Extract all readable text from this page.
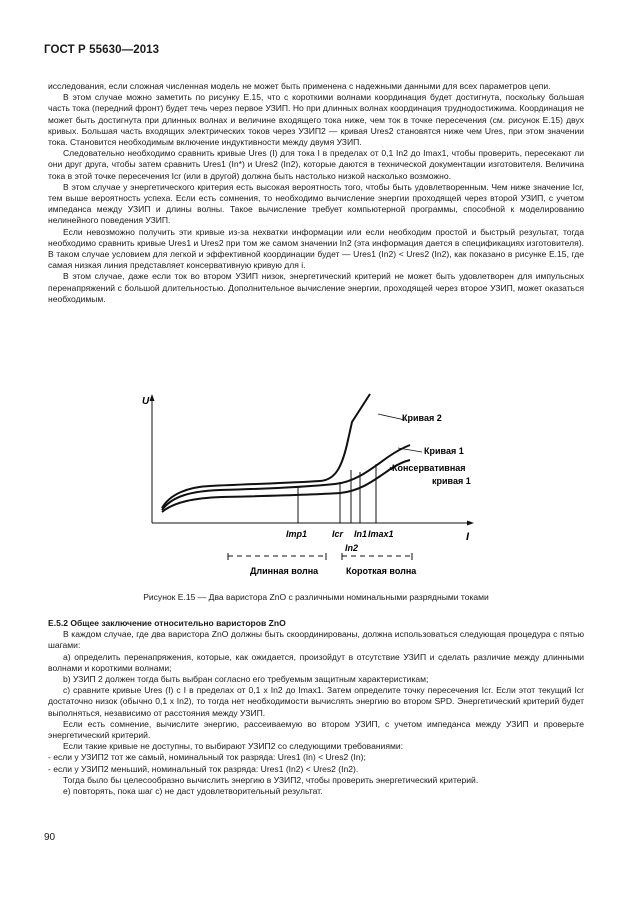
ГОСТ Р 55630—2013

исследования, если сложная численная модель не может быть применена с надежными данными для всех параметров цепи.

В этом случае можно заметить по рисунку E.15, что с короткими волнами координация будет достигнута, поскольку большая часть тока (передний фронт) будет течь через первое УЗИП. Но при длинных волнах координация труднодостижима. Координация не может быть достигнута при длинных волнах и величине входящего тока ниже, чем ток в точке пересечения (см. рисунок E.15) двух кривых. Большая часть входящих электрических токов через УЗИП2 — кривая Ures2 становятся ниже чем Ures, при этом значении тока. Становится необходимым включение индуктивности между двумя УЗИП.

Следовательно необходимо сравнить кривые Ures (I) для тока I в пределах от 0,1 In2 до Imax1, чтобы проверить, пересекают ли они друг друга, чтобы затем сравнить Ures1 (In*) и Ures2 (In2), которые даются в технической документации изготовителя. Величина тока в этой точке пересечения Icr (или в другой) должна быть настолько низкой насколько возможно.

В этом случае у энергетического критерия есть высокая вероятность того, чтобы быть удовлетворенным. Чем ниже значение Icr, тем выше вероятность успеха. Если есть сомнения, то необходимо вычисление энергии проходящей через второй УЗИП, с учетом импеданса между УЗИП и длины волны. Такое вычисление требует компьютерной программы, способной к моделированию нелинейного поведения УЗИП.

Если невозможно получить эти кривые из-за нехватки информации или если необходим простой и быстрый результат, тогда необходимо сравнить кривые Ures1 и Ures2 при том же самом значении In2 (эта информация дается в спецификациях изготовителя). В таком случае условием для легкой и эффективной координации будет — Ures1 (In2) < Ures2 (In2), как показано в рисунке E.15, где самая низкая линия представляет консервативную кривую для i.

В этом случае, даже если ток во втором УЗИП низок, энергетический критерий не может быть удовлетворен для импульсных перенапряжений с большой длительностью. Дополнительное вычисление энергии, проходящей через второе УЗИП, может оказаться необходимым.

U
I
Кривая 2
Кривая 1
Консервативная
кривая 1
Imp1	Icr In1 Imax1
In2
Длинная волна	Короткая волна
Рисунок E.15 — Два варистора ZnO с различными номинальными разрядными токами

E.5.2 Общее заключение относительно варисторов ZnO

В каждом случае, где два варистора ZnO должны быть скоординированы, должна использоваться следующая процедура с пятью шагами:

a) определить перенапряжения, которые, как ожидается, произойдут в отсутствие УЗИП и сделать различие между длинными волнами и короткими волнами;

b) УЗИП 2 должен тогда быть выбран согласно его требуемым защитным характеристикам;

c) сравните кривые Ures (I) с I в пределах от 0,1 x In2 до Imax1. Затем определите точку пересечения Icr. Если этот текущий Icr достаточно низок (обычно 0,1 x In2), то тогда нет необходимости вычислять энергию во втором SPD. Энергетический критерий будет выполняться, независимо от расстояния между УЗИП.

Если есть сомнение, вычислите энергию, рассеиваемую во втором УЗИП, с учетом импеданса между УЗИП и проверьте энергетический критерий.

Если такие кривые не доступны, то выбирают УЗИП2 со следующими требованиями:

- если у УЗИП2 тот же самый, номинальный ток разряда: Ures1 (In) < Ures2 (In);

- если у УЗИП2 меньший, номинальный ток разряда: Ures1 (In2) < Ures2 (In2).

Тогда было бы целесообразно вычислить энергию в УЗИП2, чтобы проверить энергетический критерий.

e) повторять, пока шаг c) не даст удовлетворительный результат.

90
